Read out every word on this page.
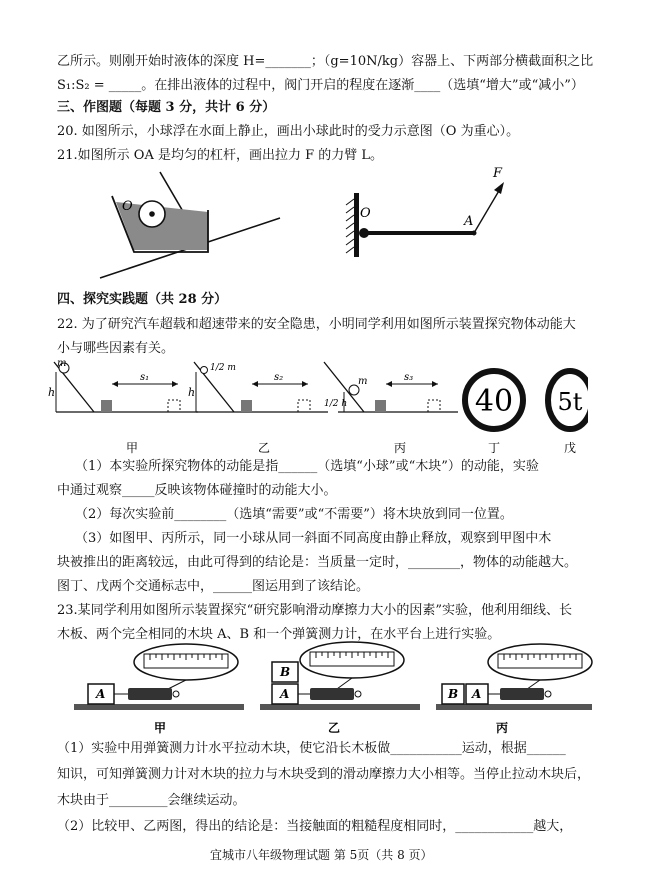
乙所示。则刚开始时液体的深度 H=_______；（g=10N/kg）容器上、下两部分横截面积之比
S₁:S₂ = _____。在排出液体的过程中，阀门开启的程度在逐渐____（选填“增大”或“减小”）
三、作图题（每题 3 分，共计 6 分）
20. 如图所示，小球浮在水面上静止，画出小球此时的受力示意图（O 为重心）。
21.如图所示 OA 是均匀的杠杆，画出拉力 F 的力臂 L。
O	O
A
F
四、探究实践题（共 28 分）
22. 为了研究汽车超载和超速带来的安全隐患，小明同学利用如图所示装置探究物体动能大
小与哪些因素有关。
m
h
s₁
1/2 m
h
s₂	m
1/2 h
s₃
40 5t
甲	乙	丙	丁	戊
（1）本实验所探究物体的动能是指______（选填“小球”或“木块”）的动能，实验
中通过观察_____反映该物体碰撞时的动能大小。
（2）每次实验前________（选填“需要”或“不需要”）将木块放到同一位置。
（3）如图甲、丙所示，同一小球从同一斜面不同高度由静止释放，观察到甲图中木
块被推出的距离较远，由此可得到的结论是：当质量一定时，________，物体的动能越大。
图丁、戊两个交通标志中，______图运用到了该结论。
23.某同学利用如图所示装置探究“研究影响滑动摩擦力大小的因素”实验，他利用细线、长
木板、两个完全相同的木块 A、B 和一个弹簧测力计，在水平台上进行实验。
A
甲
B
A
乙
B A
丙
（1）实验中用弹簧测力计水平拉动木块，使它沿长木板做___________运动，根据______
知识，可知弹簧测力计对木块的拉力与木块受到的滑动摩擦力大小相等。当停止拉动木块后，
木块由于_________会继续运动。
（2）比较甲、乙两图，得出的结论是：当接触面的粗糙程度相同时，____________越大，
宜城市八年级物理试题 第 5页（共 8 页）
